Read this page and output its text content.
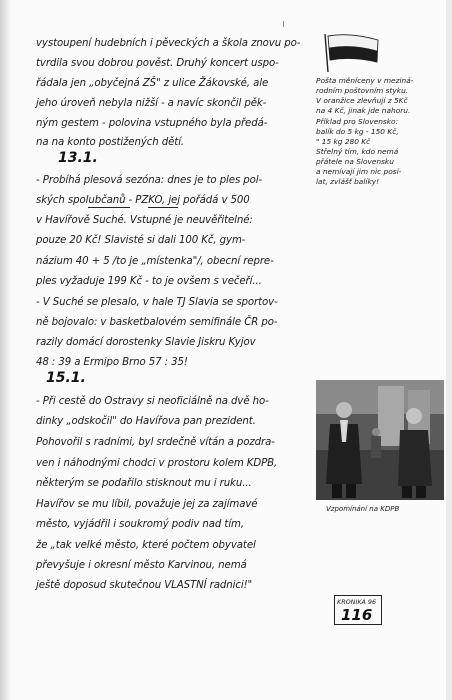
vystoupení hudebních i pěveckých a škola znovu po-
tvrdila svou dobrou pověst. Druhý koncert uspo-
řádala jen „obyčejná ZŠ" z ulice Žákovské, ale
jeho úroveň nebyla nižší - a navíc skončil pěk-
ným gestem - polovina vstupného byla předá-
na na konto postižených dětí.
13.1.
- Probíhá plesová sezóna: dnes je to ples pol-
ských spolubčanů - PZKO, jej pořádá v 500
v Havířově Suché. Vstupné je neuvěřitelné:
pouze 20 Kč! Slavisté si dali 100 Kč, gym-
názium 40 + 5 /to je „místenka"/, obecní repre-
ples vyžaduje 199 Kč - to je ovšem s večeří...
- V Suché se plesalo, v hale TJ Slavia se sportov-
ně bojovalo: v basketbalovém semifinále ČR po-
razily domácí dorostenky Slavie Jiskru Kyjov
48 : 39 a Ermipo Brno 57 : 35!
15.1.
- Při cestě do Ostravy si neoficiálně na dvě ho-
dinky „odskočil" do Havířova pan prezident.
Pohovořil s radními, byl srdečně vítán a pozdra-
ven i náhodnými chodci v prostoru kolem KDPB,
některým se podařilo stisknout mu i ruku...
Havířov se mu líbil, považuje jej za zajímavé
město, vyjádřil i soukromý podiv nad tím,
že „tak velké město, které počtem obyvatel
převyšuje i okresní město Karvinou, nemá
ještě doposud skutečnou VLASTNÍ radnici!"
Pošta měníceny v meziná-
rodním poštovním styku.
V oranžice zlevňují z 5Kč
na 4 Kč, jinak jde nahoru.
Příklad pro Slovensko:
balík do 5 kg - 150 Kč,
" 15 kg 280 Kč
Střelný tím, kdo nemá
přátele na Slovensku
a nemívají jim nic posí-
lat, zvlášť balíky!
Vzpomínání na KDPB
KRONIKA 96
116
